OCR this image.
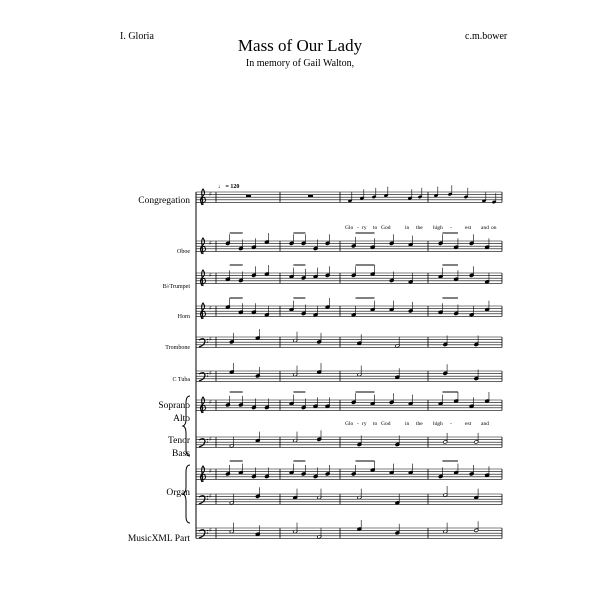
I. Gloria	c.m.bower
Mass of Our Lady
In memory of Gail Walton,
Congregation
Oboe
B♭Trumpet
Horn
Trombone
C Tuba
Soprano
Alto
Tenor
Bass
Organ
MusicXML Part
♩ = 120
Glo - ry to God	in the high - est and on
Glo - ry to God	in the high - est and
♯
♯
♯
♯
♯
♯
♯
♯
♯
♯
♯
